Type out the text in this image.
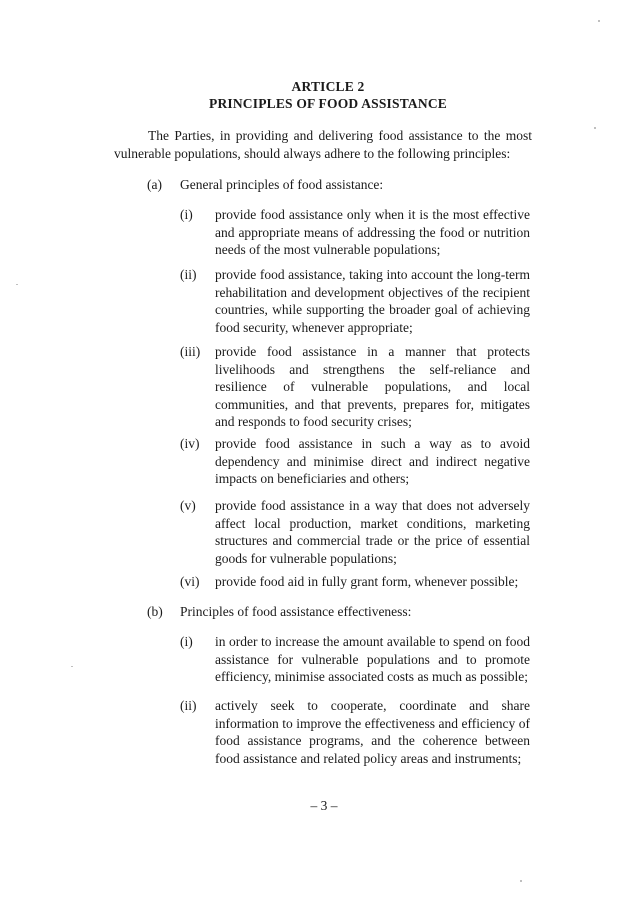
ARTICLE 2
PRINCIPLES OF FOOD ASSISTANCE
The Parties, in providing and delivering food assistance to the most vulnerable populations, should always adhere to the following principles:
(a) General principles of food assistance:
(i) provide food assistance only when it is the most effective and appropriate means of addressing the food or nutrition needs of the most vulnerable populations;
(ii) provide food assistance, taking into account the long-term rehabilitation and development objectives of the recipient countries, while supporting the broader goal of achieving food security, whenever appropriate;
(iii) provide food assistance in a manner that protects livelihoods and strengthens the self-reliance and resilience of vulnerable populations, and local communities, and that prevents, prepares for, mitigates and responds to food security crises;
(iv) provide food assistance in such a way as to avoid dependency and minimise direct and indirect negative impacts on beneficiaries and others;
(v) provide food assistance in a way that does not adversely affect local production, market conditions, marketing structures and commercial trade or the price of essential goods for vulnerable populations;
(vi) provide food aid in fully grant form, whenever possible;
(b) Principles of food assistance effectiveness:
(i) in order to increase the amount available to spend on food assistance for vulnerable populations and to promote efficiency, minimise associated costs as much as possible;
(ii) actively seek to cooperate, coordinate and share information to improve the effectiveness and efficiency of food assistance programs, and the coherence between food assistance and related policy areas and instruments;
– 3 –
